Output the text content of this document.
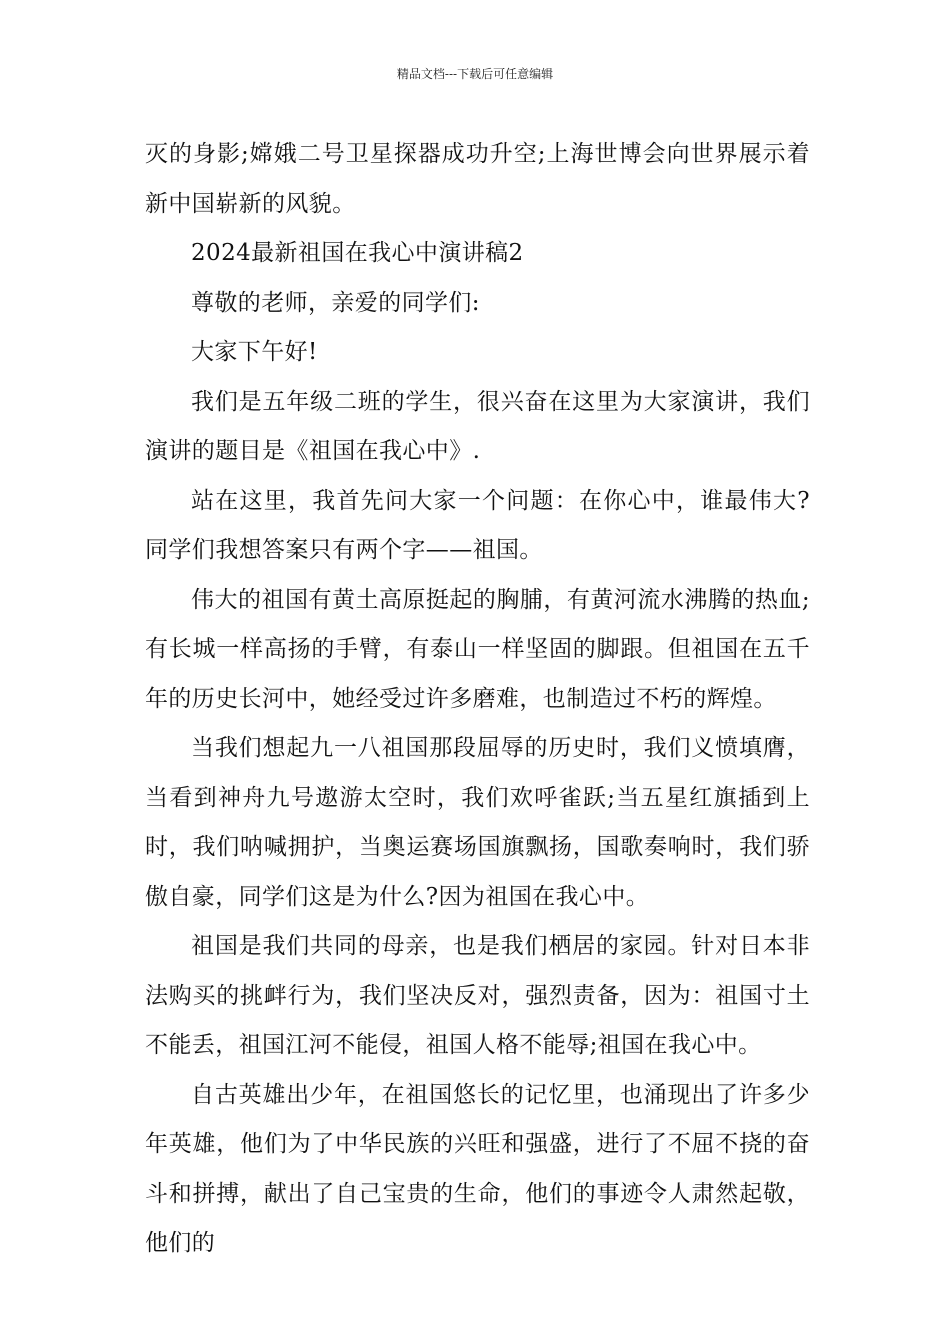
精品文档---下载后可任意编辑

灭的身影;嫦娥二号卫星探器成功升空;上海世博会向世界展示着新中国崭新的风貌。

2024最新祖国在我心中演讲稿2

尊敬的老师，亲爱的同学们:

大家下午好!

我们是五年级二班的学生，很兴奋在这里为大家演讲，我们演讲的题目是《祖国在我心中》.

站在这里，我首先问大家一个问题：在你心中，谁最伟大?同学们我想答案只有两个字——祖国。

伟大的祖国有黄土高原挺起的胸脯，有黄河流水沸腾的热血;有长城一样高扬的手臂，有泰山一样坚固的脚跟。但祖国在五千年的历史长河中，她经受过许多磨难，也制造过不朽的辉煌。

当我们想起九一八祖国那段屈辱的历史时，我们义愤填膺，当看到神舟九号遨游太空时，我们欢呼雀跃;当五星红旗插到上时，我们呐喊拥护，当奥运赛场国旗飘扬，国歌奏响时，我们骄傲自豪，同学们这是为什么?因为祖国在我心中。

祖国是我们共同的母亲，也是我们栖居的家园。针对日本非法购买的挑衅行为，我们坚决反对，强烈责备，因为：祖国寸土不能丢，祖国江河不能侵，祖国人格不能辱;祖国在我心中。

自古英雄出少年，在祖国悠长的记忆里，也涌现出了许多少年英雄，他们为了中华民族的兴旺和强盛，进行了不屈不挠的奋斗和拼搏，献出了自己宝贵的生命，他们的事迹令人肃然起敬，他们的
